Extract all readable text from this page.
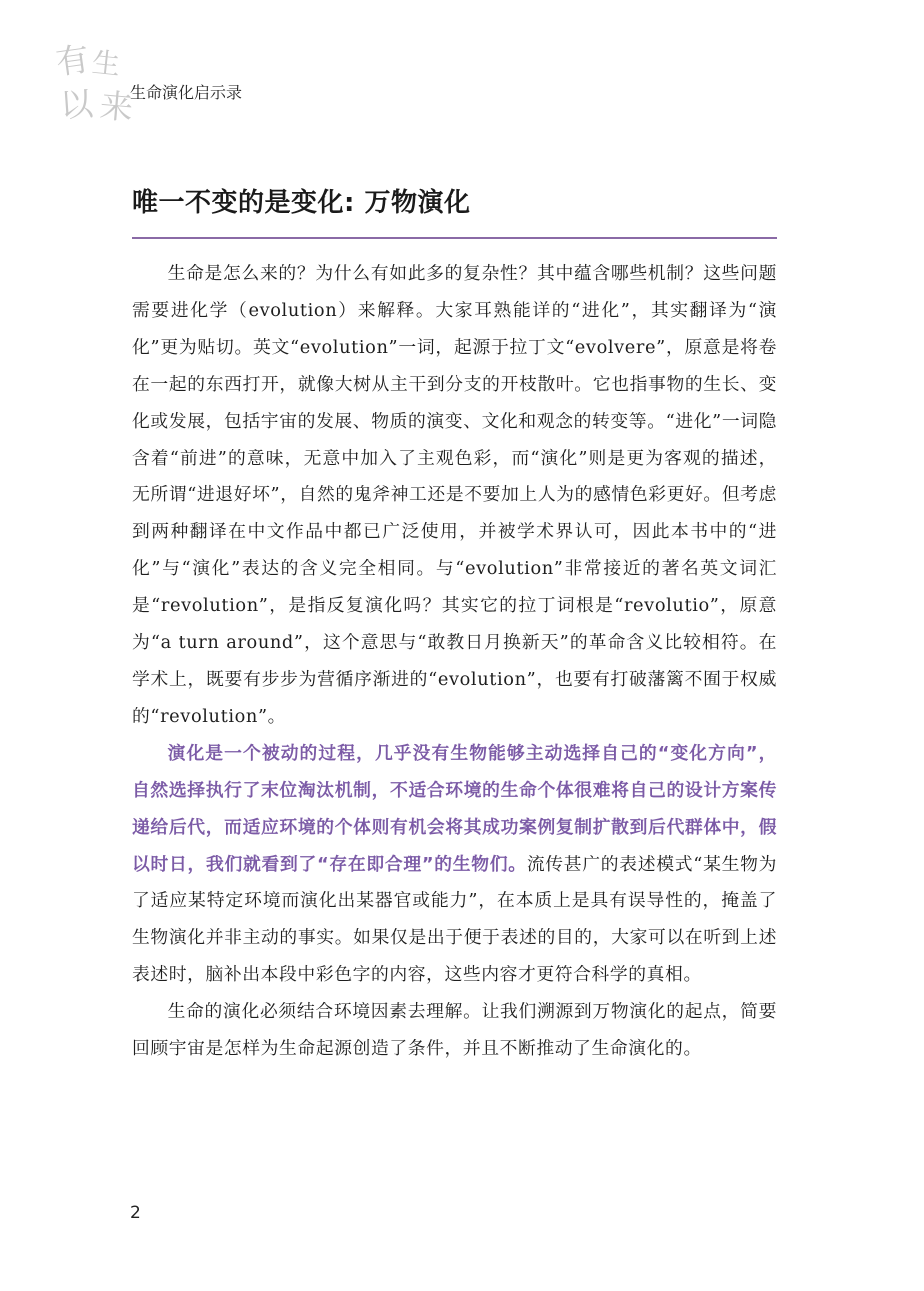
有
生
以 来
生命演化启示录
唯一不变的是变化: 万物演化

生命是怎么来的？为什么有如此多的复杂性？其中蕴含哪些机制？这些问题需要进化学（evolution）来解释。大家耳熟能详的“进化”，其实翻译为“演化”更为贴切。英文“evolution”一词，起源于拉丁文“evolvere”，原意是将卷在一起的东西打开，就像大树从主干到分支的开枝散叶。它也指事物的生长、变化或发展，包括宇宙的发展、物质的演变、文化和观念的转变等。“进化”一词隐含着“前进”的意味，无意中加入了主观色彩，而“演化”则是更为客观的描述，无所谓“进退好坏”，自然的鬼斧神工还是不要加上人为的感情色彩更好。但考虑到两种翻译在中文作品中都已广泛使用，并被学术界认可，因此本书中的“进化”与“演化”表达的含义完全相同。与“evolution”非常接近的著名英文词汇是“revolution”，是指反复演化吗？其实它的拉丁词根是“revolutio”，原意为“a turn around”，这个意思与“敢教日月换新天”的革命含义比较相符。在学术上，既要有步步为营循序渐进的“evolution”，也要有打破藩篱不囿于权威的“revolution”。

演化是一个被动的过程，几乎没有生物能够主动选择自己的“变化方向”，自然选择执行了末位淘汰机制，不适合环境的生命个体很难将自己的设计方案传递给后代，而适应环境的个体则有机会将其成功案例复制扩散到后代群体中，假以时日，我们就看到了“存在即合理”的生物们。流传甚广的表述模式“某生物为了适应某特定环境而演化出某器官或能力”，在本质上是具有误导性的，掩盖了生物演化并非主动的事实。如果仅是出于便于表述的目的，大家可以在听到上述表述时，脑补出本段中彩色字的内容，这些内容才更符合科学的真相。

生命的演化必须结合环境因素去理解。让我们溯源到万物演化的起点，简要回顾宇宙是怎样为生命起源创造了条件，并且不断推动了生命演化的。

2
